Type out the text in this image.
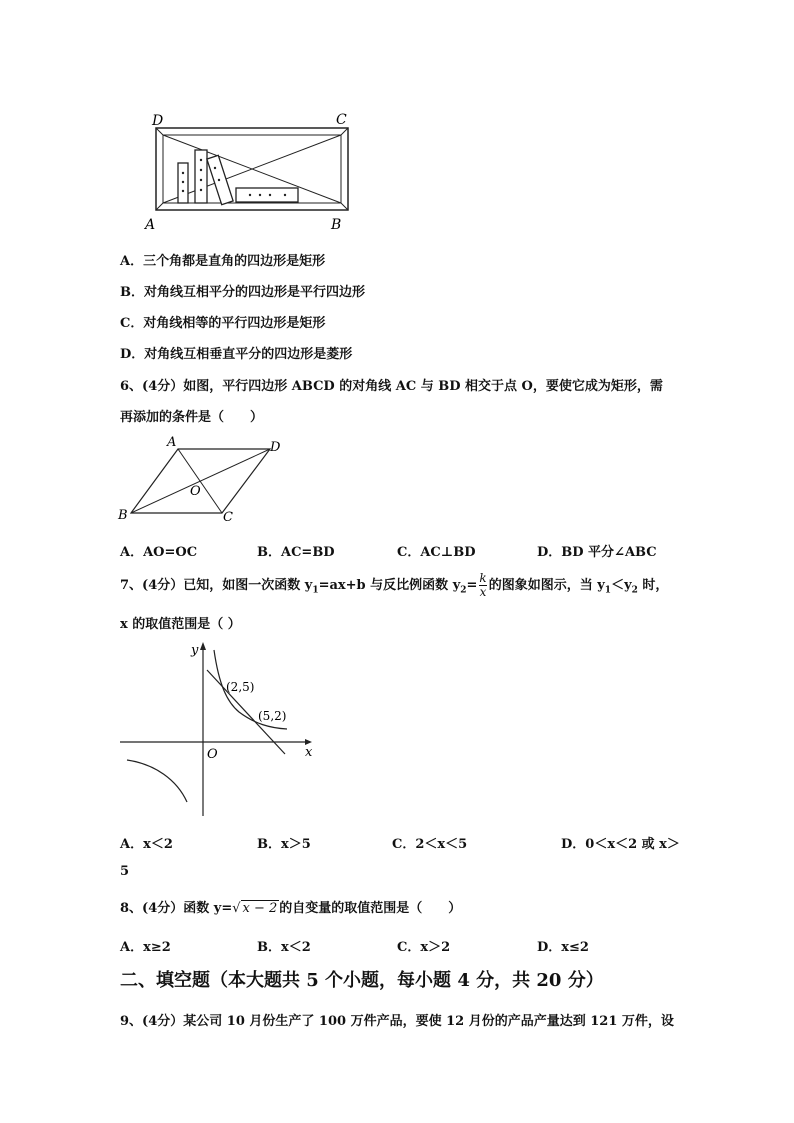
D	C
A	B
A．三个角都是直角的四边形是矩形
B．对角线互相平分的四边形是平行四边形
C．对角线相等的平行四边形是矩形
D．对角线互相垂直平分的四边形是菱形
6、(4分）如图，平行四边形 ABCD 的对角线 AC 与 BD 相交于点 O，要使它成为矩形，需
再添加的条件是（　　）
A	D
O
B	C
A．AO=OC	B．AC=BD	C．AC⊥BD	D．BD 平分∠ABC
7、(4分）已知，如图一次函数 $y_1=ax+b$ 与反比例函数 $y_2= \frac{k}{x}$ 的图象如图示，当 $y_1<y_2$ 时，
x 的取值范围是（ ）
y
x
O
(2,5)
(5,2)
A．x＜2	B．x＞5	C．2＜x＜5	D．0＜x＜2 或 x＞
5
8、(4分）函数 y=√ x − 2 的自变量的取值范围是（　　）
A．x≥2	B．x＜2	C．x＞2	D．x≤2
二、填空题（本大题共 5 个小题，每小题 4 分，共 20 分）
9、(4分）某公司 10 月份生产了 100 万件产品，要使 12 月份的产品产量达到 121 万件，设
